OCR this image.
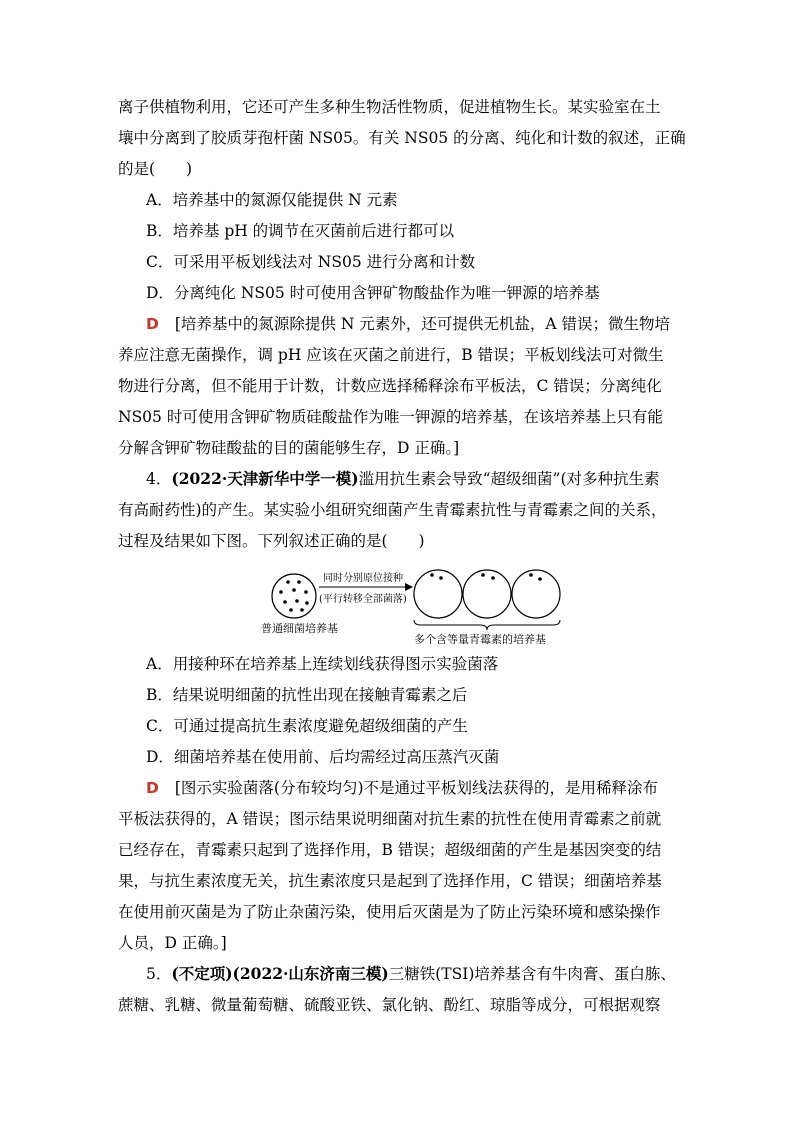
离子供植物利用，它还可产生多种生物活性物质，促进植物生长。某实验室在土
壤中分离到了胶质芽孢杆菌 NS05。有关 NS05 的分离、纯化和计数的叙述，正确
的是(　　)
A．培养基中的氮源仅能提供 N 元素
B．培养基 pH 的调节在灭菌前后进行都可以
C．可采用平板划线法对 NS05 进行分离和计数
D．分离纯化 NS05 时可使用含钾矿物酸盐作为唯一钾源的培养基
D [培养基中的氮源除提供 N 元素外，还可提供无机盐，A 错误；微生物培
养应注意无菌操作，调 pH 应该在灭菌之前进行，B 错误；平板划线法可对微生
物进行分离，但不能用于计数，计数应选择稀释涂布平板法，C 错误；分离纯化
NS05 时可使用含钾矿物质硅酸盐作为唯一钾源的培养基，在该培养基上只有能
分解含钾矿物硅酸盐的目的菌能够生存，D 正确。]
4．(2022·天津新华中学一模)滥用抗生素会导致“超级细菌”(对多种抗生素
有高耐药性)的产生。某实验小组研究细菌产生青霉素抗性与青霉素之间的关系，
过程及结果如下图。下列叙述正确的是(　　)
同时分别原位接种
(平行转移全部菌落)
普通细菌培养基
多个含等量青霉素的培养基
A．用接种环在培养基上连续划线获得图示实验菌落
B．结果说明细菌的抗性出现在接触青霉素之后
C．可通过提高抗生素浓度避免超级细菌的产生
D．细菌培养基在使用前、后均需经过高压蒸汽灭菌
D [图示实验菌落(分布较均匀)不是通过平板划线法获得的，是用稀释涂布
平板法获得的，A 错误；图示结果说明细菌对抗生素的抗性在使用青霉素之前就
已经存在，青霉素只起到了选择作用，B 错误；超级细菌的产生是基因突变的结
果，与抗生素浓度无关，抗生素浓度只是起到了选择作用，C 错误；细菌培养基
在使用前灭菌是为了防止杂菌污染，使用后灭菌是为了防止污染环境和感染操作
人员，D 正确。]
5．(不定项)(2022·山东济南三模)三糖铁(TSI)培养基含有牛肉膏、蛋白胨、
蔗糖、乳糖、微量葡萄糖、硫酸亚铁、氯化钠、酚红、琼脂等成分，可根据观察
